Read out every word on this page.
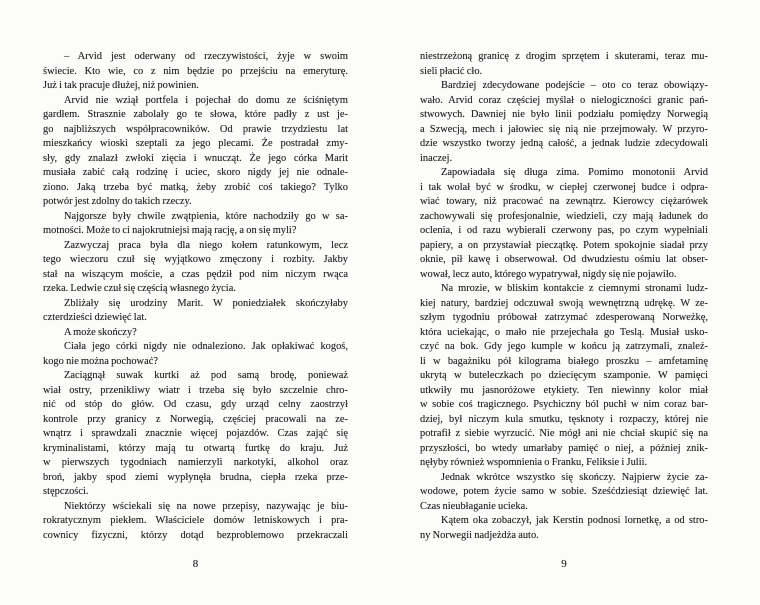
– Arvid jest oderwany od rzeczywistości, żyje w swoim
świecie. Kto wie, co z nim będzie po przejściu na emeryturę.
Już i tak pracuje dłużej, niż powinien.
Arvid nie wziął portfela i pojechał do domu ze ściśniętym
gardłem. Strasznie zabolały go te słowa, które padły z ust je-
go najbliższych współpracowników. Od prawie trzydziestu lat
mieszkańcy wioski szeptali za jego plecami. Że postradał zmy-
sły, gdy znalazł zwłoki zięcia i wnucząt. Że jego córka Marit
musiała zabić całą rodzinę i uciec, skoro nigdy jej nie odnale-
ziono. Jaką trzeba być matką, żeby zrobić coś takiego? Tylko
potwór jest zdolny do takich rzeczy.
Najgorsze były chwile zwątpienia, które nachodziły go w sa-
motności. Może to ci najokrutniejsi mają rację, a on się myli?
Zazwyczaj praca była dla niego kołem ratunkowym, lecz
tego wieczoru czuł się wyjątkowo zmęczony i rozbity. Jakby
stał na wiszącym moście, a czas pędził pod nim niczym rwąca
rzeka. Ledwie czuł się częścią własnego życia.
Zbliżały się urodziny Marit. W poniedziałek skończyłaby
czterdzieści dziewięć lat.
A może skończy?
Ciała jego córki nigdy nie odnaleziono. Jak opłakiwać kogoś,
kogo nie można pochować?
Zaciągnął suwak kurtki aż pod samą brodę, ponieważ
wiał ostry, przenikliwy wiatr i trzeba się było szczelnie chro-
nić od stóp do głów. Od czasu, gdy urząd celny zaostrzył
kontrole przy granicy z Norwegią, częściej pracowali na ze-
wnątrz i sprawdzali znacznie więcej pojazdów. Czas zająć się
kryminalistami, którzy mają tu otwartą furtkę do kraju. Już
w pierwszych tygodniach namierzyli narkotyki, alkohol oraz
broń, jakby spod ziemi wypłynęła brudna, ciepła rzeka prze-
stępczości.
Niektórzy wściekali się na nowe przepisy, nazywając je biu-
rokratycznym piekłem. Właściciele domów letniskowych i pra-
cownicy fizyczni, którzy dotąd bezproblemowo przekraczali
8
niestrzeżoną granicę z drogim sprzętem i skuterami, teraz mu-
sieli płacić cło.
Bardziej zdecydowane podejście – oto co teraz obowiązy-
wało. Arvid coraz częściej myślał o nielogiczności granic pań-
stwowych. Dawniej nie było linii podziału pomiędzy Norwegią
a Szwecją, mech i jałowiec się nią nie przejmowały. W przyro-
dzie wszystko tworzy jedną całość, a jednak ludzie zdecydowali
inaczej.
Zapowiadała się długa zima. Pomimo monotonii Arvid
i tak wolał być w środku, w ciepłej czerwonej budce i odpra-
wiać towary, niż pracować na zewnątrz. Kierowcy ciężarówek
zachowywali się profesjonalnie, wiedzieli, czy mają ładunek do
oclenia, i od razu wybierali czerwony pas, po czym wypełniali
papiery, a on przystawiał pieczątkę. Potem spokojnie siadał przy
oknie, pił kawę i obserwował. Od dwudziestu ośmiu lat obser-
wował, lecz auto, którego wypatrywał, nigdy się nie pojawiło.
Na mrozie, w bliskim kontakcie z ciemnymi stronami ludz-
kiej natury, bardziej odczuwał swoją wewnętrzną udrękę. W ze-
szłym tygodniu próbował zatrzymać zdesperowaną Norweżkę,
która uciekając, o mało nie przejechała go Teslą. Musiał usko-
czyć na bok. Gdy jego kumple w końcu ją zatrzymali, znaleź-
li w bagażniku pół kilograma białego proszku – amfetaminę
ukrytą w buteleczkach po dziecięcym szamponie. W pamięci
utkwiły mu jasnoróżowe etykiety. Ten niewinny kolor miał
w sobie coś tragicznego. Psychiczny ból puchł w nim coraz bar-
dziej, był niczym kula smutku, tęsknoty i rozpaczy, której nie
potrafił z siebie wyrzucić. Nie mógł ani nie chciał skupić się na
przyszłości, bo wtedy umarłaby pamięć o niej, a później znik-
nęłyby również wspomnienia o Franku, Feliksie i Julii.
Jednak wkrótce wszystko się skończy. Najpierw życie za-
wodowe, potem życie samo w sobie. Sześćdziesiąt dziewięć lat.
Czas nieubłaganie ucieka.
Kątem oka zobaczył, jak Kerstin podnosi lornetkę, a od stro-
ny Norwegii nadjeżdża auto.
9
